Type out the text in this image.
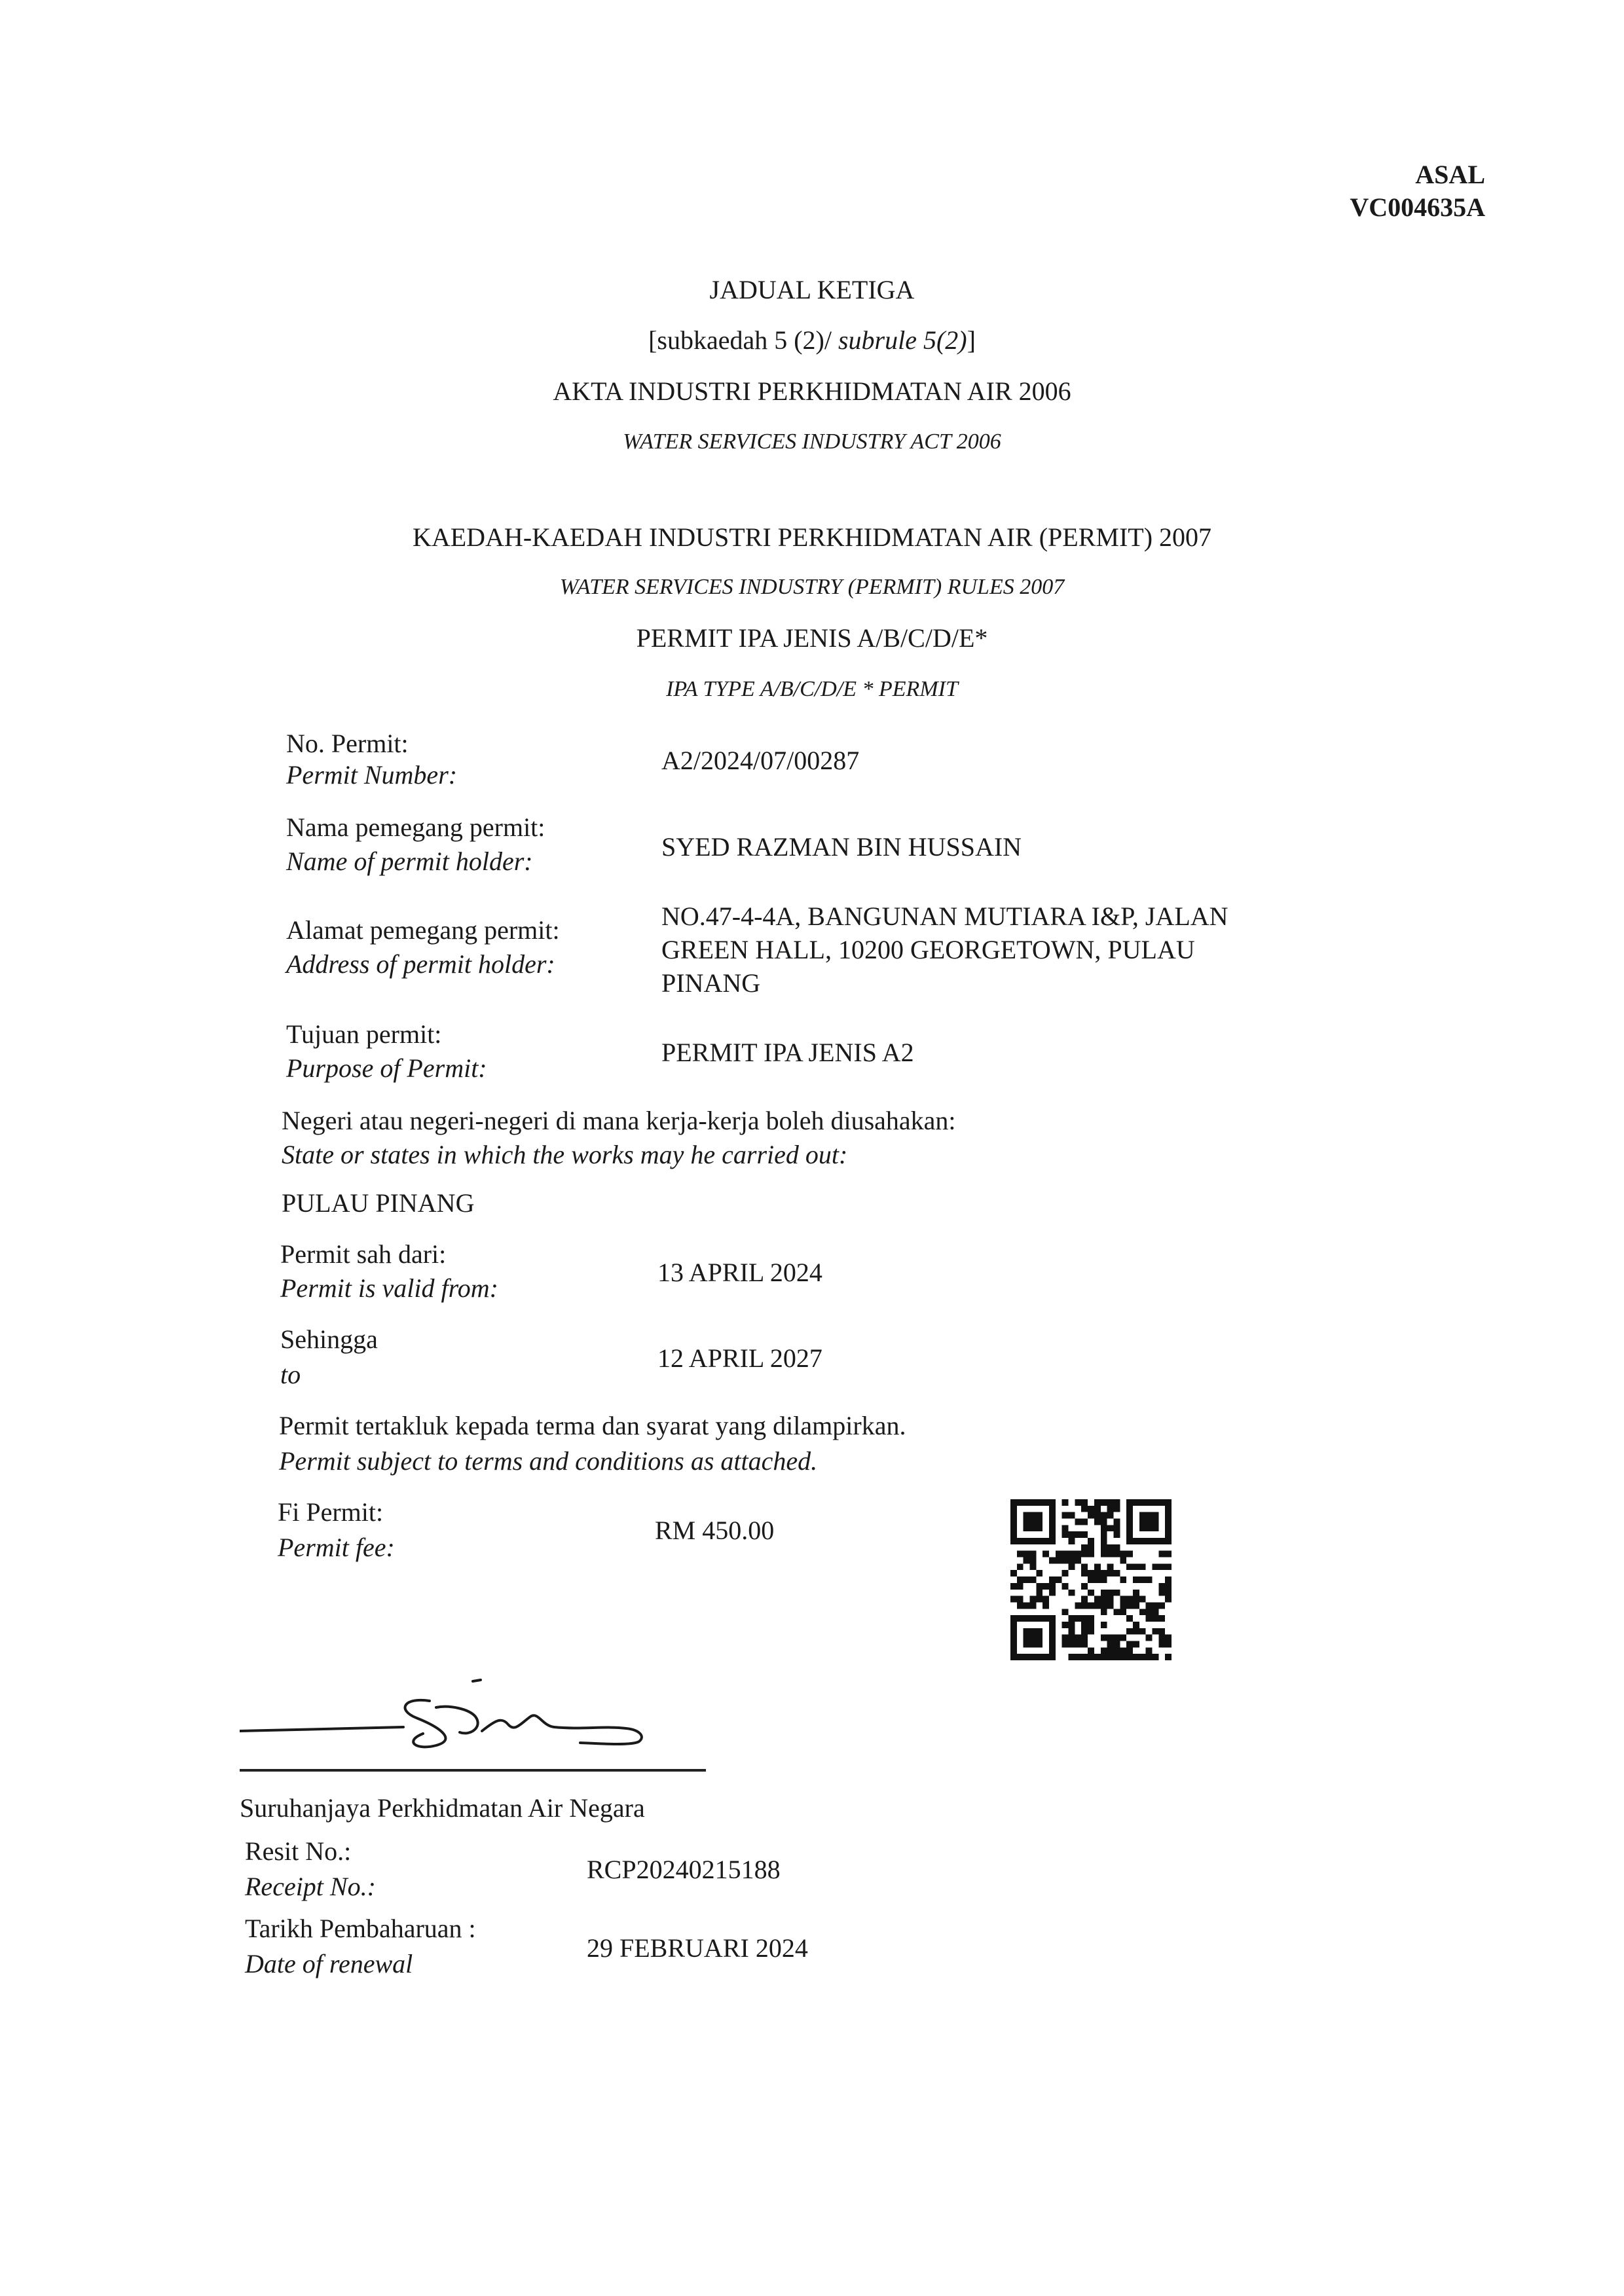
ASAL
VC004635A
JADUAL KETIGA
[subkaedah 5 (2)/ subrule 5(2)]
AKTA INDUSTRI PERKHIDMATAN AIR 2006
WATER SERVICES INDUSTRY ACT 2006
KAEDAH-KAEDAH INDUSTRI PERKHIDMATAN AIR (PERMIT) 2007
WATER SERVICES INDUSTRY (PERMIT) RULES 2007
PERMIT IPA JENIS A/B/C/D/E*
IPA TYPE A/B/C/D/E * PERMIT
No. Permit:
Permit Number:	A2/2024/07/00287
Nama pemegang permit:
Name of permit holder:	SYED RAZMAN BIN HUSSAIN
Alamat pemegang permit:
Address of permit holder:
NO.47-4-4A, BANGUNAN MUTIARA I&P, JALAN
GREEN HALL, 10200 GEORGETOWN, PULAU
PINANG
Tujuan permit:
Purpose of Permit:
PERMIT IPA JENIS A2
Negeri atau negeri-negeri di mana kerja-kerja boleh diusahakan:
State or states in which the works may he carried out:
PULAU PINANG
Permit sah dari:
Permit is valid from:
13 APRIL 2024
Sehingga
to
12 APRIL 2027
Permit tertakluk kepada terma dan syarat yang dilampirkan.
Permit subject to terms and conditions as attached.
Fi Permit:
Permit fee:
RM 450.00
Suruhanjaya Perkhidmatan Air Negara
Resit No.:
Receipt No.:
RCP20240215188
Tarikh Pembaharuan :
Date of renewal
29 FEBRUARI 2024
